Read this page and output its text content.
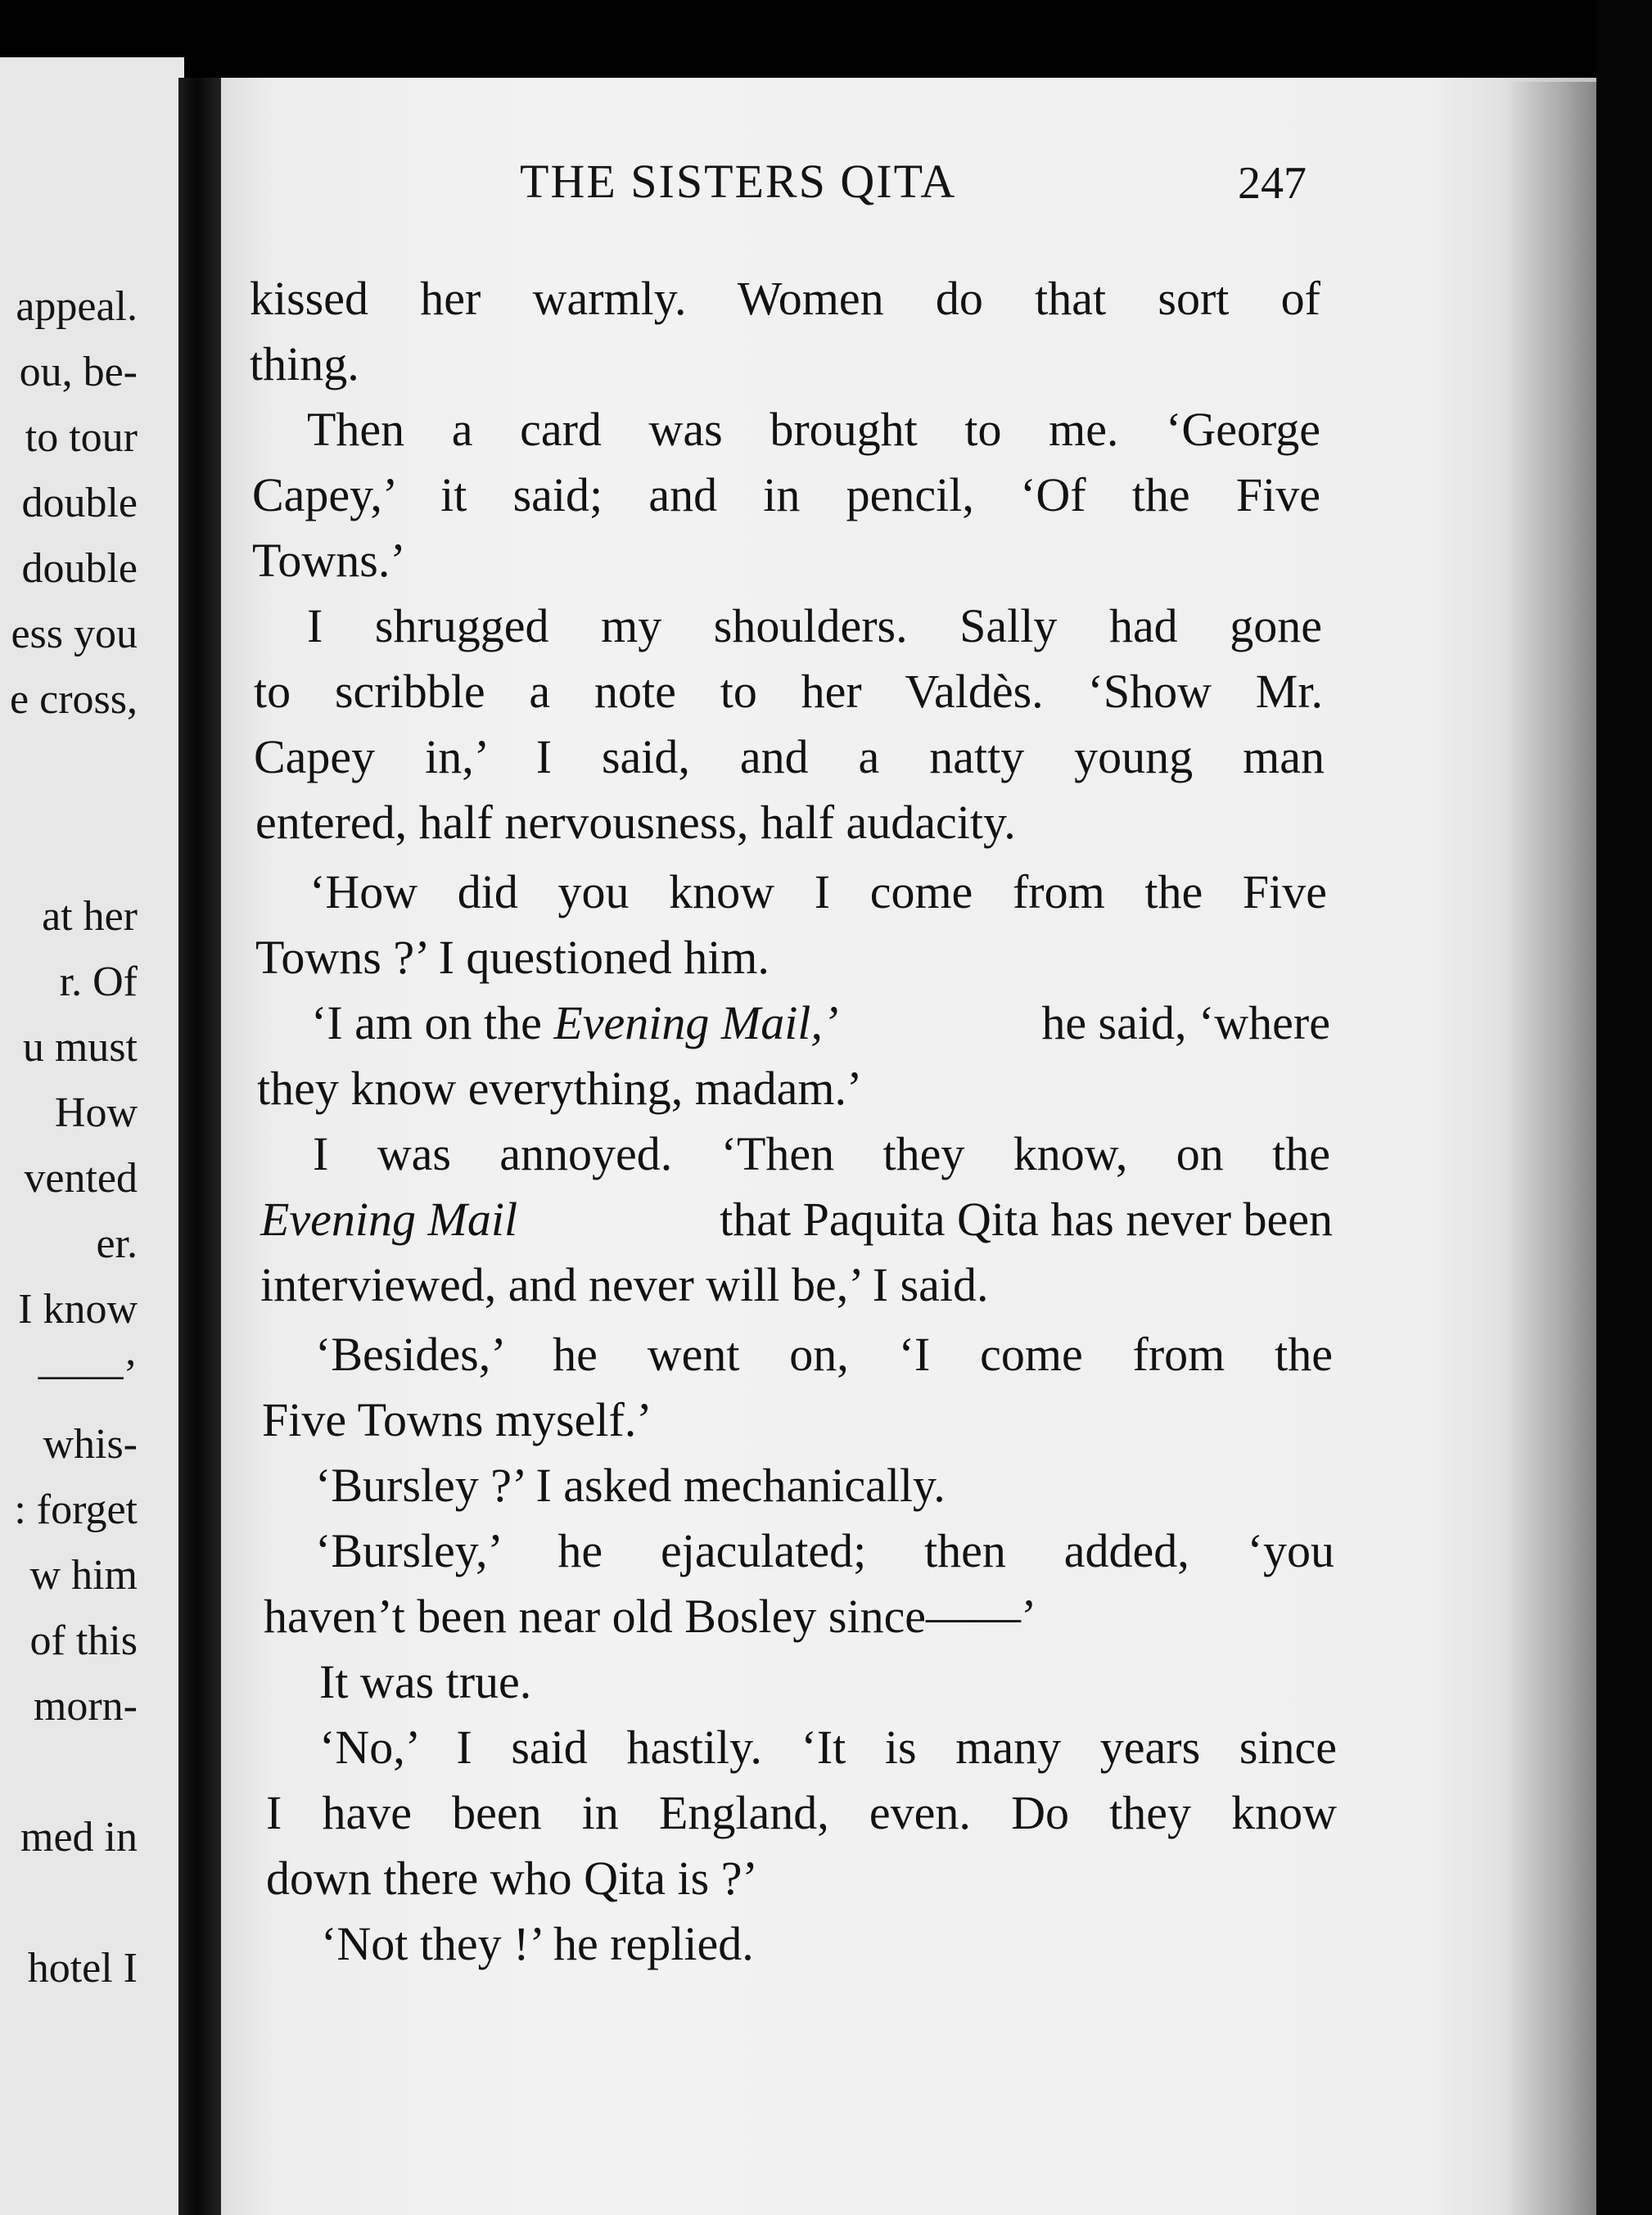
appeal.
ou, be-
to tour
double
double
ess you
e cross,
at her
r. Of
u must
How
vented
er.
I know
——’
whis-
: forget
w him
of this
morn-
med in
hotel I
THE SISTERS QITA	247
kissed her warmly. Women do that sort of
thing.
Then a card was brought to me. ‘George
Capey,’ it said; and in pencil, ‘Of the Five
Towns.’
I shrugged my shoulders. Sally had gone
to scribble a note to her Valdès. ‘Show Mr.
Capey in,’ I said, and a natty young man
entered, half nervousness, half audacity.
‘How did you know I come from the Five
Towns ?’ I questioned him.
‘I am on the Evening Mail,’	he said, ‘where
they know everything, madam.’
I was annoyed. ‘Then they know, on the
Evening Mail	that Paquita Qita has never been
interviewed, and never will be,’ I said.
‘Besides,’ he went on, ‘I come from the
Five Towns myself.’
‘Bursley ?’ I asked mechanically.
‘Bursley,’ he ejaculated; then added, ‘you
haven’t been near old Bosley since——’
It was true.
‘No,’ I said hastily. ‘It is many years since
I have been in England, even. Do they know
down there who Qita is ?’
‘Not they !’ he replied.
